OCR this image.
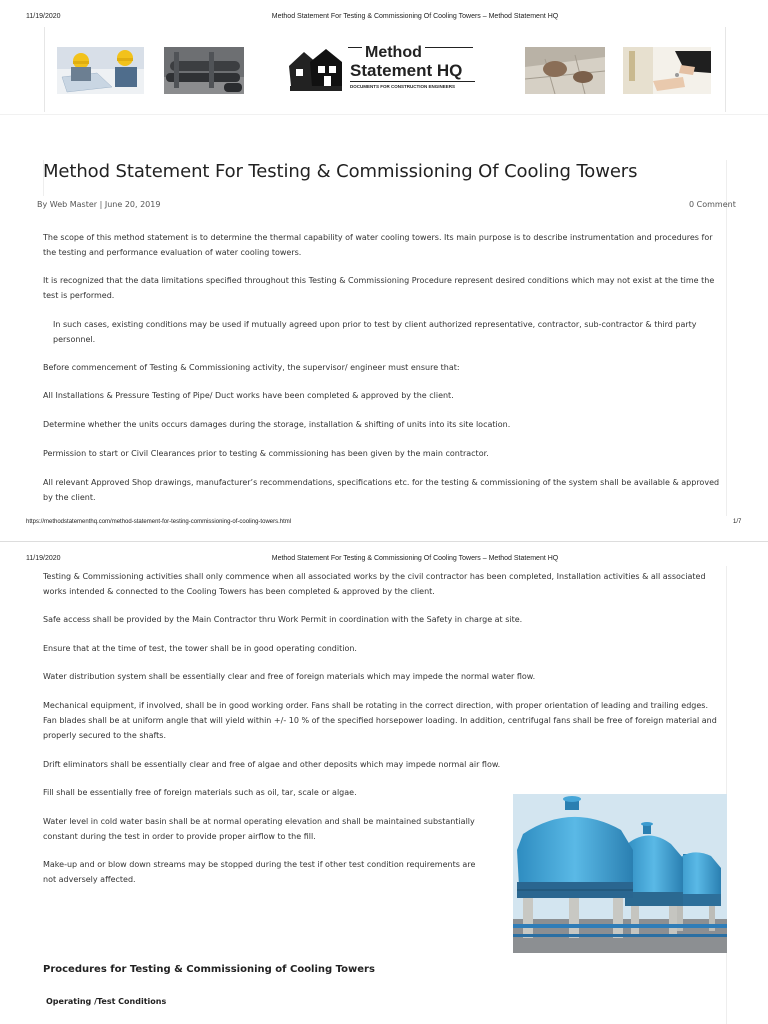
11/19/2020	Method Statement For Testing & Commissioning Of Cooling Towers – Method Statement HQ
Method
Statement HQ
DOCUMENTS FOR CONSTRUCTION ENGINEERS
Method Statement For Testing & Commissioning Of Cooling Towers
By Web Master | June 20, 2019	0 Comment
The scope of this method statement is to determine the thermal capability of water cooling towers. Its main purpose is to describe instrumentation and procedures for the testing and performance evaluation of water cooling towers.
It is recognized that the data limitations specified throughout this Testing & Commissioning Procedure represent desired conditions which may not exist at the time the test is performed.
In such cases, existing conditions may be used if mutually agreed upon prior to test by client authorized representative, contractor, sub-contractor & third party personnel.
Before commencement of Testing & Commissioning activity, the supervisor/ engineer must ensure that:
All Installations & Pressure Testing of Pipe/ Duct works have been completed & approved by the client.
Determine whether the units occurs damages during the storage, installation & shifting of units into its site location.
Permission to start or Civil Clearances prior to testing & commissioning has been given by the main contractor.
All relevant Approved Shop drawings, manufacturer’s recommendations, specifications etc. for the testing & commissioning of the system shall be available & approved by the client.
https://methodstatementhq.com/method-statement-for-testing-commissioning-of-cooling-towers.html	1/7
11/19/2020	Method Statement For Testing & Commissioning Of Cooling Towers – Method Statement HQ
Testing & Commissioning activities shall only commence when all associated works by the civil contractor has been completed, Installation activities & all associated works intended & connected to the Cooling Towers has been completed & approved by the client.
Safe access shall be provided by the Main Contractor thru Work Permit in coordination with the Safety in charge at site.
Ensure that at the time of test, the tower shall be in good operating condition.
Water distribution system shall be essentially clear and free of foreign materials which may impede the normal water flow.
Mechanical equipment, if involved, shall be in good working order. Fans shall be rotating in the correct direction, with proper orientation of leading and trailing edges. Fan blades shall be at uniform angle that will yield within +/- 10 % of the specified horsepower loading. In addition, centrifugal fans shall be free of foreign material and properly secured to the shafts.
Drift eliminators shall be essentially clear and free of algae and other deposits which may impede normal air flow.
Fill shall be essentially free of foreign materials such as oil, tar, scale or algae.
Water level in cold water basin shall be at normal operating elevation and shall be maintained substantially constant during the test in order to provide proper airflow to the fill.
Make-up and or blow down streams may be stopped during the test if other test condition requirements are not adversely affected.
Procedures for Testing & Commissioning of Cooling Towers
Operating /Test Conditions
